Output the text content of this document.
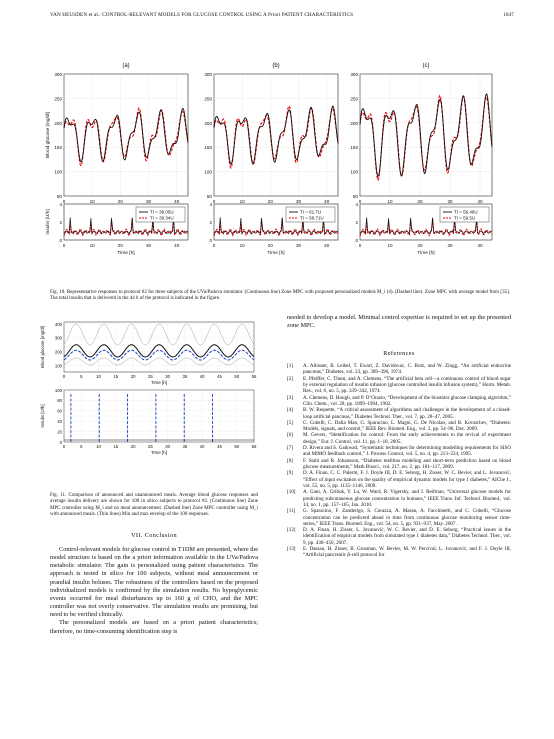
VAN HEUSDEN et al.: CONTROL-RELEVANT MODELS FOR GLUCOSE CONTROL USING A Priori PATIENT CHARACTERISTICS	1847
(a)
300
250
200
150
100
50
0	10	20	30	40
4
2
0
0	10	20	30	40
TI = 39.05U
TI = 39.34U
Time [h]
(b)
300
250
200
150
100
50
0	10	20	30	40
4
2
0
0	10	20	30	40
TI = 61.7U
TI = 58.71U
Time [h]
(c)
300
250
200
150
100
50
0	10	20	30	40
4
2
0
0	10	20	30	40
TI = 56.46U
TI = 59.5U
Time [h]
Blood glucose [mg/dl]
Insulin [U/h]
Fig. 10. Representative responses to protocol #2 for three subjects of the UVa/Padova simulator. (Continuous line) Zone MPC with proposed personalized models M_i (4). (Dashed line). Zone MPC with average model from [35]. The total insulin that is delivered in the 44 h of the protocol is indicated in the figure.
400
300
200
100
100
80
60
40
20
0
0
0
5
5
10
10
15
15
20
20
25
25
30
30
35
35
40
40
45
45
50
50
55
55
Time [h]
Time [h]
Blood glucose [mg/dl]
Insulin [U/h]
Fig. 11. Comparison of announced and unannounced meals. Average blood glucose responses and average insulin delivery are shown for 100 in silico subjects to protocol #2. (Continuous line) Zone MPC controller using M_i and no meal announcement. (Dashed line) Zone MPC controller using M_i with announced meals. (Thin lines) Min and max envelop of the 100 responses.
VII. Conclusion

Control-relevant models for glucose control in T1DM are presented, where the model structure is based on the a priori information available in the UVa/Padova metabolic simulator. The gain is personalized using patient characteristics. The approach is tested in silico for 100 subjects, without meal announcement or prandial insulin boluses. The robustness of the controllers based on the proposed individualized models is confirmed by the simulation results. No hypoglycemic events occurred for meal disturbances up to 160 g of CHO, and the MPC controller was not overly conservative. The simulation results are promising, but need to be verified clinically.

The personalized models are based on a priori patient characteristics; therefore, no time-consuming identification step is

needed to develop a model. Minimal control expertise is required to set up the presented zone MPC.
References
[1] A. Albisser, B. Leibel, T. Ewart, Z. Davidovac, C. Botz, and W. Zingg, “An artificial endocrine pancreas,” Diabetes, vol. 23, pp. 389–396, 1974.
[2] E. Pfeiffer, C. Thum, and A. Clemens, “The artificial beta cell—a continuous control of blood sugar by external regulation of insulin infusion (glucose controlled insulin infusion system),” Horm. Metab. Res., vol. 6, no. 5, pp. 339–342, 1974.
[3] A. Clemens, D. Hough, and P. D’Orazio, “Development of the biostator glucose clamping algorithm,” Clin. Chem., vol. 28, pp. 1899–1904, 1982.
[4] B. W. Bequette, “A critical assessment of algorithms and challenges in the development of a closed-loop artificial pancreas,” Diabetes Technol. Ther., vol. 7, pp. 28–47, 2005.
[5] C. Cobelli, C. Dalla Man, G. Sparacino, L. Magni, G. De Nicolao, and B. Kovatchev, “Diabetes: Models, signals, and control,” IEEE Rev. Biomed. Eng., vol. 2, pp. 54–96, Dec. 2009.
[6] M. Gevers, “Identification for control: From the early achievements to the revival of experiment design,” Eur. J. Control, vol. 11, pp. 1–18, 2005.
[7] D. Rivera and S. Gaikwad, “Systematic techniques for determining modelling requirements for SISO and MIMO feedback control,” J. Process Control, vol. 5, no. 4, pp. 213–224, 1995.
[8] F. Stahl and R. Johansson, “Diabetes mellitus modeling and short-term prediction based on blood glucose measurements,” Math Biosci., vol. 217, no. 2, pp. 101–117, 2009.
[9] D. A. Finan, C. C. Palerm, F. J. Doyle III, D. E. Seborg, H. Zisser, W. C. Bevier, and L. Jovanović, “Effect of input excitation on the quality of empirical dynamic models for type 1 diabetes,” AIChe J., vol. 55, no. 5, pp. 1135–1146, 2009.
[10] A. Gani, A. Gribok, Y. Lu, W. Ward, R. Vigersky, and J. Reifman, “Universal glucose models for predicting subcutaneous glucose concentration in humans,” IEEE Trans. Inf. Technol. Biomed., vol. 14, no. 1, pp. 157–165, Jan. 2010.
[11] G. Sparacino, F. Zanderigo, S. Corazza, A. Maran, A. Facchinetti, and C. Cobelli, “Glucose concentration can be predicted ahead in time from continuous glucose monitoring sensor time-series,” IEEE Trans. Biomed. Eng., vol. 54, no. 5, pp. 931–937, May. 2007.
[12] D. A. Finan, H. Zisser, L. Jovanović, W. C. Bevier, and D. E. Seborg, “Practical issues in the identification of empirical models from simulated type 1 diabetes data,” Diabetes Technol. Ther., vol. 9, pp. 438–450, 2007.
[13] E. Dassau, H. Zisser, B. Grosman, W. Bevier, M. W. Percival, L. Jovanović, and F. J. Doyle III, “Artificial pancreatic β-cell protocol for
